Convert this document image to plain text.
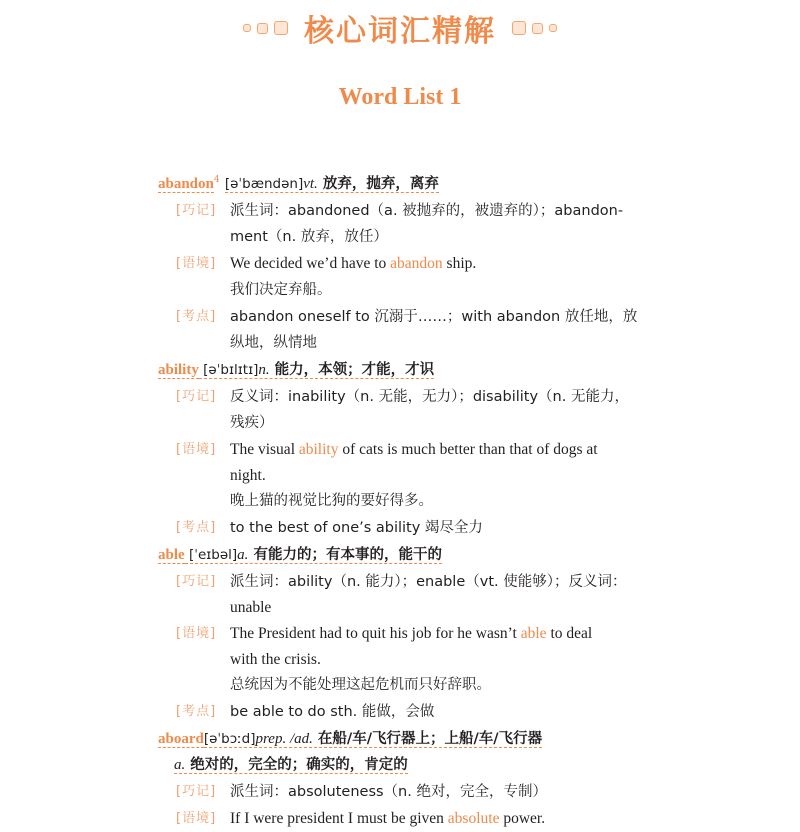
核心词汇精解
Word List 1
abandon$^4$ [əˈbændən]vt. 放弃，抛弃，离弃
[巧记] 派生词：abandoned（a. 被抛弃的，被遗弃的）；abandon-
ment（n. 放弃，放任）
[语境] We decided we’d have to abandon ship.
我们决定弃船。
[考点] abandon oneself to 沉溺于……；with abandon 放任地，放
纵地，纵情地
ability [əˈbɪlɪtɪ]n. 能力，本领；才能，才识
[巧记] 反义词：inability（n. 无能，无力）；disability（n. 无能力，
残疾）
[语境] The visual ability of cats is much better than that of dogs at
night.
晚上猫的视觉比狗的要好得多。
[考点] to the best of one’s ability 竭尽全力
able [ˈeɪbəl]a. 有能力的；有本事的，能干的
[巧记] 派生词：ability（n. 能力）；enable（vt. 使能够）；反义词：
unable
[语境] The President had to quit his job for he wasn’t able to deal
with the crisis.
总统因为不能处理这起危机而只好辞职。
[考点] be able to do sth. 能做，会做
aboard[əˈbɔːd]prep. /ad. 在船/车/飞行器上；上船/车/飞行器
a. 绝对的，完全的；确实的，肯定的
[巧记] 派生词：absoluteness（n. 绝对，完全，专制）
[语境] If I were president I must be given absolute power.
